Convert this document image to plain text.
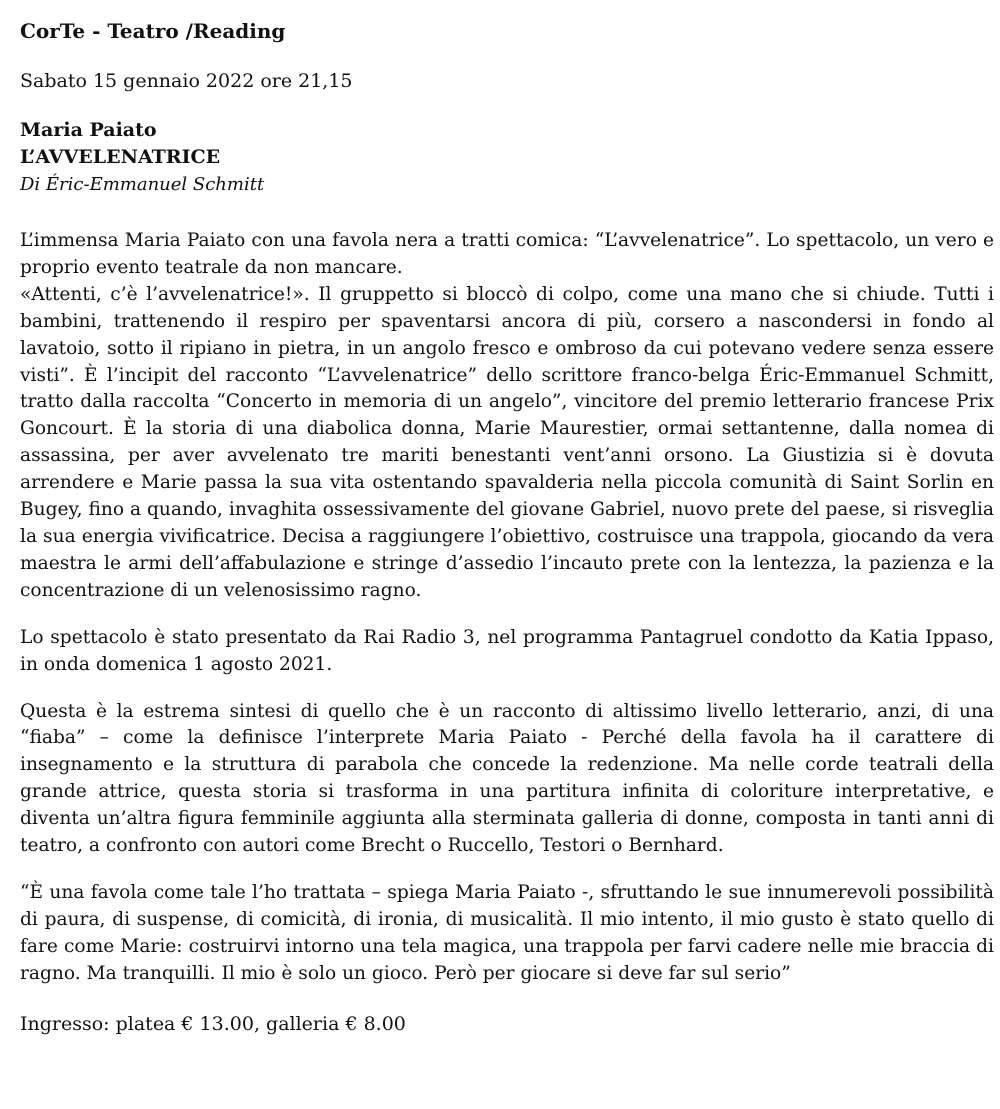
CorTe - Teatro /Reading

Sabato 15 gennaio 2022 ore 21,15

Maria Paiato

L’AVVELENATRICE

Di Éric-Emmanuel Schmitt

L’immensa Maria Paiato con una favola nera a tratti comica: “L’avvelenatrice”. Lo spettacolo, un vero e proprio evento teatrale da non mancare.

«Attenti, c’è l’avvelenatrice!». Il gruppetto si bloccò di colpo, come una mano che si chiude. Tutti i bambini, trattenendo il respiro per spaventarsi ancora di più, corsero a nascondersi in fondo al lavatoio, sotto il ripiano in pietra, in un angolo fresco e ombroso da cui potevano vedere senza essere visti”. È l’incipit del racconto “L’avvelenatrice” dello scrittore franco-belga Éric-Emmanuel Schmitt, tratto dalla raccolta “Concerto in memoria di un angelo”, vincitore del premio letterario francese Prix Goncourt. È la storia di una diabolica donna, Marie Maurestier, ormai settantenne, dalla nomea di assassina, per aver avvelenato tre mariti benestanti vent’anni orsono. La Giustizia si è dovuta arrendere e Marie passa la sua vita ostentando spavalderia nella piccola comunità di Saint Sorlin en Bugey, fino a quando, invaghita ossessivamente del giovane Gabriel, nuovo prete del paese, si risveglia la sua energia vivificatrice. Decisa a raggiungere l’obiettivo, costruisce una trappola, giocando da vera maestra le armi dell’affabulazione e stringe d’assedio l’incauto prete con la lentezza, la pazienza e la concentrazione di un velenosissimo ragno.

Lo spettacolo è stato presentato da Rai Radio 3, nel programma Pantagruel condotto da Katia Ippaso, in onda domenica 1 agosto 2021.

Questa è la estrema sintesi di quello che è un racconto di altissimo livello letterario, anzi, di una “fiaba” – come la definisce l’interprete Maria Paiato - Perché della favola ha il carattere di insegnamento e la struttura di parabola che concede la redenzione. Ma nelle corde teatrali della grande attrice, questa storia si trasforma in una partitura infinita di coloriture interpretative, e diventa un’altra figura femminile aggiunta alla sterminata galleria di donne, composta in tanti anni di teatro, a confronto con autori come Brecht o Ruccello, Testori o Bernhard.

“È una favola come tale l’ho trattata – spiega Maria Paiato -, sfruttando le sue innumerevoli possibilità di paura, di suspense, di comicità, di ironia, di musicalità. Il mio intento, il mio gusto è stato quello di fare come Marie: costruirvi intorno una tela magica, una trappola per farvi cadere nelle mie braccia di ragno. Ma tranquilli. Il mio è solo un gioco. Però per giocare si deve far sul serio”

Ingresso: platea € 13.00, galleria € 8.00
